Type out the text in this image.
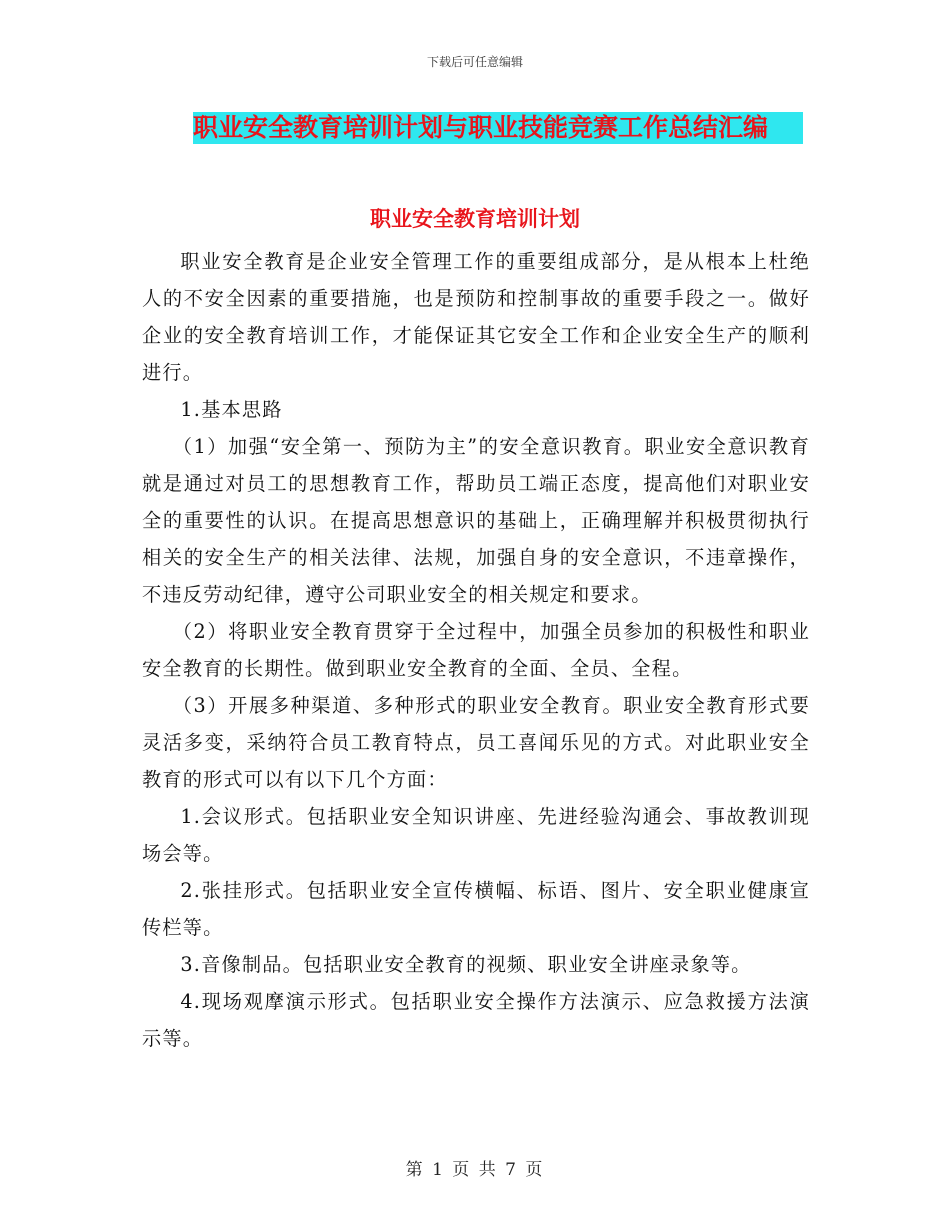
下载后可任意编辑
职业安全教育培训计划与职业技能竞赛工作总结汇编
职业安全教育培训计划

职业安全教育是企业安全管理工作的重要组成部分，是从根本上杜绝人的不安全因素的重要措施，也是预防和控制事故的重要手段之一。做好企业的安全教育培训工作，才能保证其它安全工作和企业安全生产的顺利进行。

1.基本思路

（1）加强“安全第一、预防为主”的安全意识教育。职业安全意识教育就是通过对员工的思想教育工作，帮助员工端正态度，提高他们对职业安全的重要性的认识。在提高思想意识的基础上，正确理解并积极贯彻执行相关的安全生产的相关法律、法规，加强自身的安全意识，不违章操作，不违反劳动纪律，遵守公司职业安全的相关规定和要求。

（2）将职业安全教育贯穿于全过程中，加强全员参加的积极性和职业安全教育的长期性。做到职业安全教育的全面、全员、全程。

（3）开展多种渠道、多种形式的职业安全教育。职业安全教育形式要灵活多变，采纳符合员工教育特点，员工喜闻乐见的方式。对此职业安全教育的形式可以有以下几个方面：

1.会议形式。包括职业安全知识讲座、先进经验沟通会、事故教训现场会等。

2.张挂形式。包括职业安全宣传横幅、标语、图片、安全职业健康宣传栏等。

3.音像制品。包括职业安全教育的视频、职业安全讲座录象等。

4.现场观摩演示形式。包括职业安全操作方法演示、应急救援方法演示等。

第 1 页 共 7 页
